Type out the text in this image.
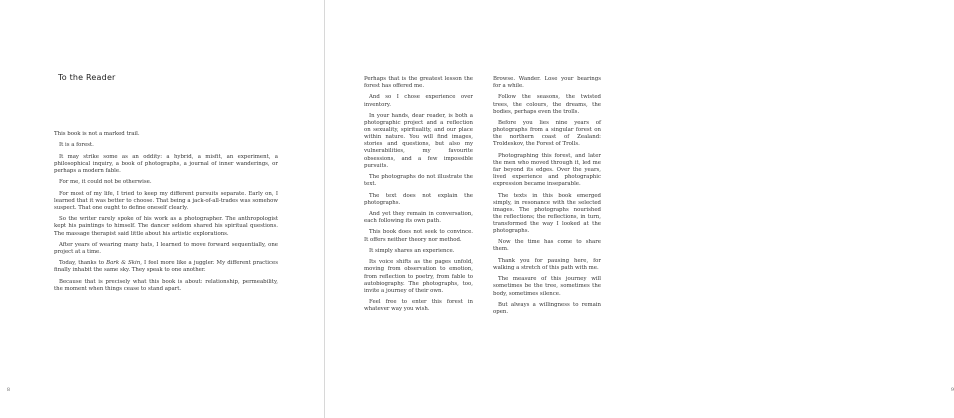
To the Reader

This book is not a marked trail.

It is a forest.

It may strike some as an oddity: a hybrid, a misfit, an experiment, a philosophical inquiry, a book of photographs, a journal of inner wanderings, or perhaps a modern fable.

For me, it could not be otherwise.

For most of my life, I tried to keep my different pursuits separate. Early on, I learned that it was better to choose. That being a jack-of-all-trades was somehow suspect. That one ought to define oneself clearly.

So the writer rarely spoke of his work as a photographer. The anthropologist kept his paintings to himself. The dancer seldom shared his spiritual questions. The massage therapist said little about his artistic explorations.

After years of wearing many hats, I learned to move forward sequentially, one project at a time.

Today, thanks to Bark & Skin, I feel more like a juggler. My different practices finally inhabit the same sky. They speak to one another.

Because that is precisely what this book is about: relationship, permeability, the moment when things cease to stand apart.

8	9

Perhaps that is the greatest lesson the forest has offered me.

And so I chose experience over inventory.

In your hands, dear reader, is both a photographic project and a reflection on sexuality, spirituality, and our place within nature. You will find images, stories and questions, but also my vulnerabilities, my favourite obsessions, and a few impossible pursuits.

The photographs do not illustrate the text.

The text does not explain the photographs.

And yet they remain in conversation, each following its own path.

This book does not seek to convince. It offers neither theory nor method.

It simply shares an experience.

Its voice shifts as the pages unfold, moving from observation to emotion, from reflection to poetry, from fable to autobiography. The photographs, too, invite a journey of their own.

Feel free to enter this forest in whatever way you wish.

Browse. Wander. Lose your bearings for a while.

Follow the seasons, the twisted trees, the colours, the dreams, the bodies, perhaps even the trolls.

Before you lies nine years of photographs from a singular forest on the northern coast of Zealand: Troldeskov, the Forest of Trolls.

Photographing this forest, and later the men who moved through it, led me far beyond its edges. Over the years, lived experience and photographic expression became inseparable.

The texts in this book emerged simply, in resonance with the selected images. The photographs nourished the reflections; the reflections, in turn, transformed the way I looked at the photographs.

Now the time has come to share them.

Thank you for pausing here, for walking a stretch of this path with me.

The measure of this journey will sometimes be the tree, sometimes the body, sometimes silence.

But always a willingness to remain open.
